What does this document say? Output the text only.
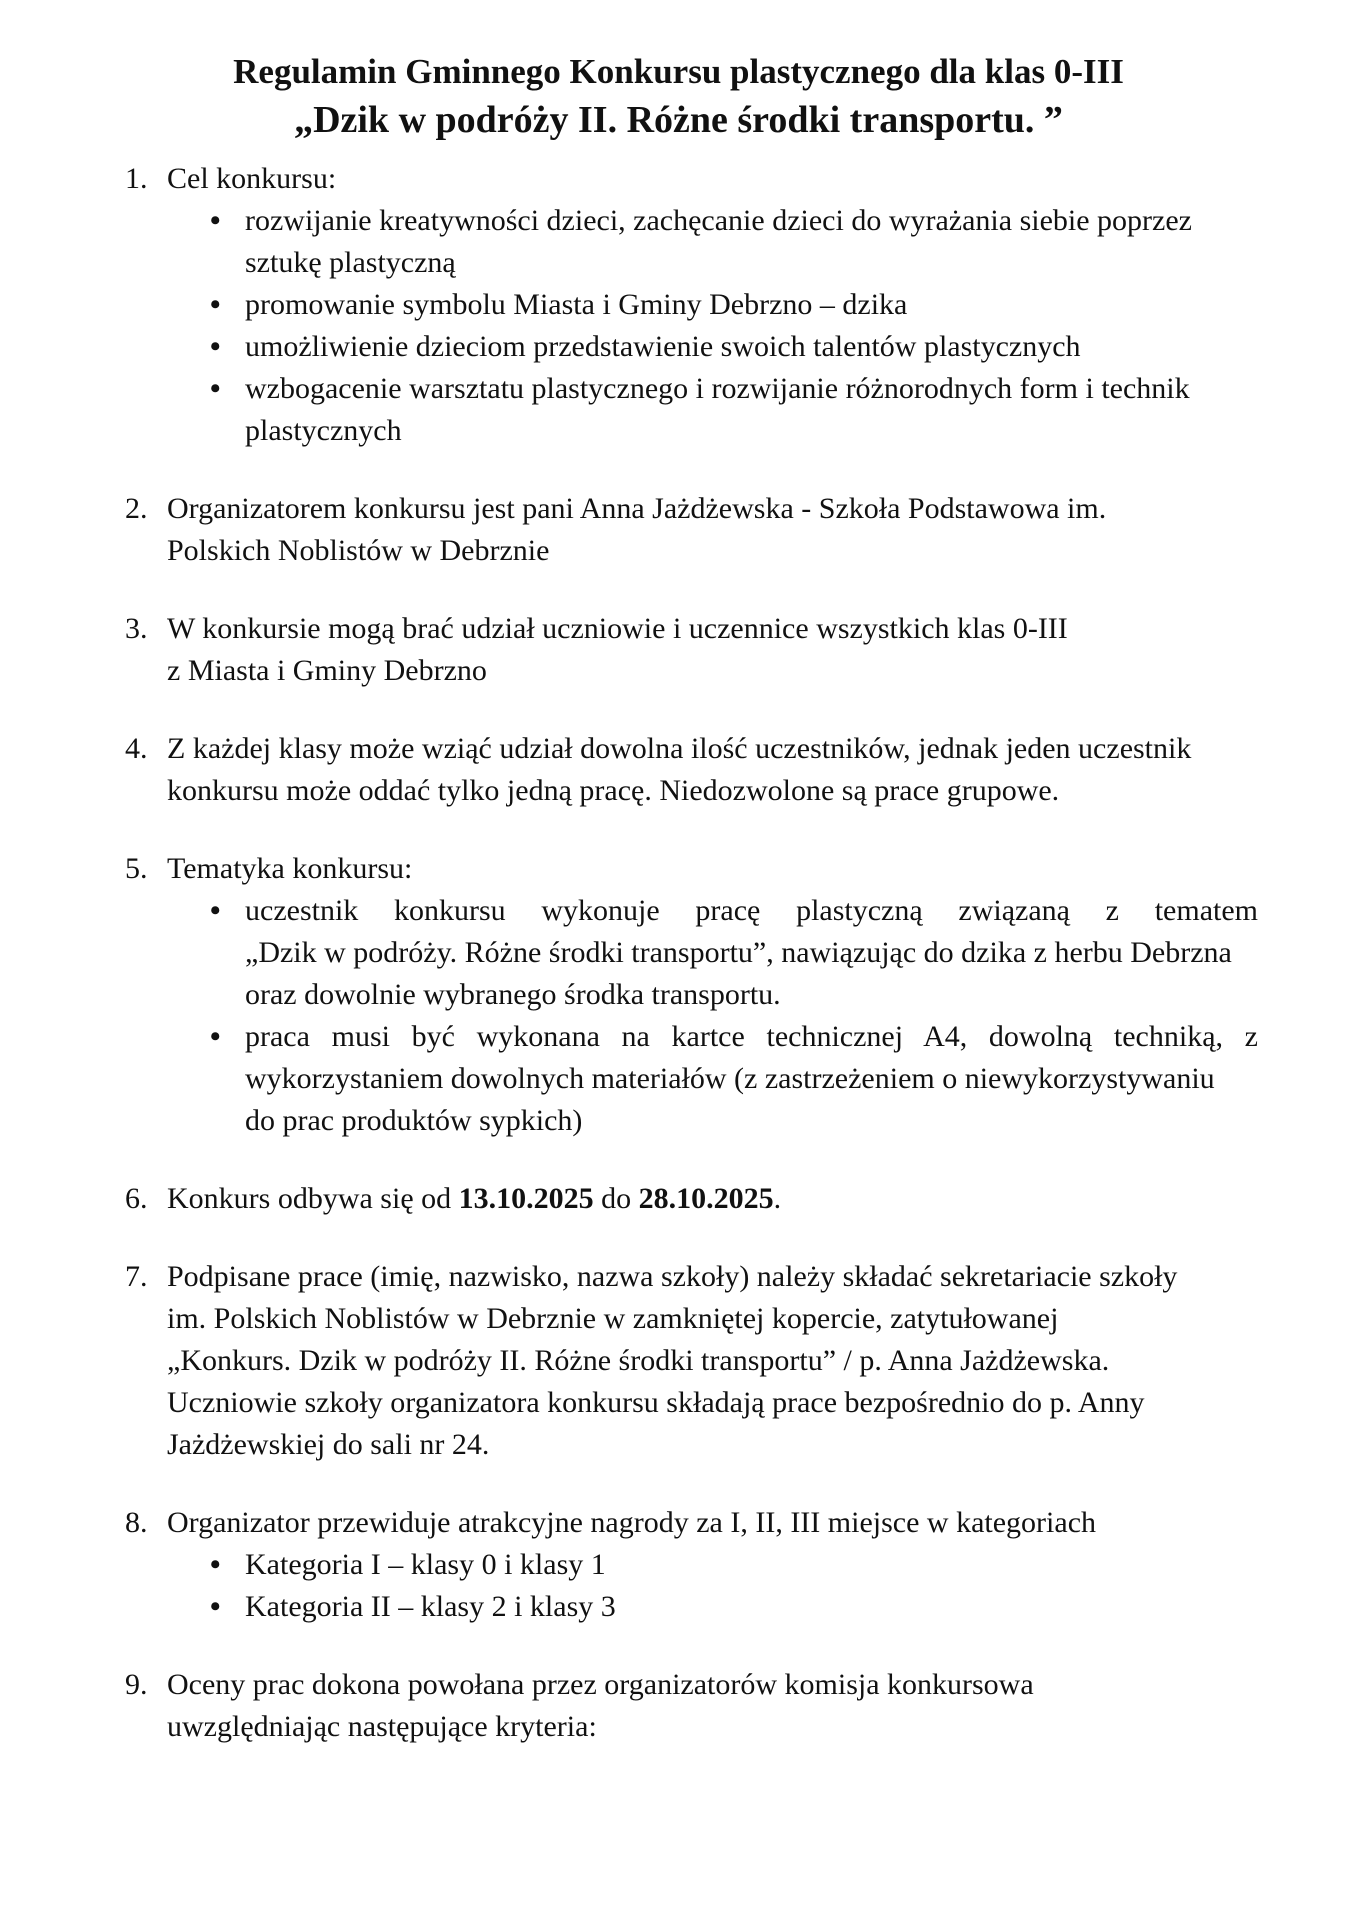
Regulamin Gminnego Konkursu plastycznego dla klas 0-III
„Dzik w podróży II. Różne środki transportu. ”
1. Cel konkursu:
• rozwijanie kreatywności dzieci, zachęcanie dzieci do wyrażania siebie poprzez
sztukę plastyczną
• promowanie symbolu Miasta i Gminy Debrzno – dzika
• umożliwienie dzieciom przedstawienie swoich talentów plastycznych
• wzbogacenie warsztatu plastycznego i rozwijanie różnorodnych form i technik
plastycznych
2. Organizatorem konkursu jest pani Anna Jażdżewska - Szkoła Podstawowa im.
Polskich Noblistów w Debrznie
3. W konkursie mogą brać udział uczniowie i uczennice wszystkich klas 0-III
z Miasta i Gminy Debrzno
4. Z każdej klasy może wziąć udział dowolna ilość uczestników, jednak jeden uczestnik
konkursu może oddać tylko jedną pracę. Niedozwolone są prace grupowe.
5. Tematyka konkursu:
• uczestnik konkursu wykonuje pracę plastyczną związaną z tematem
„Dzik w podróży. Różne środki transportu”, nawiązując do dzika z herbu Debrzna
oraz dowolnie wybranego środka transportu.
• praca musi być wykonana na kartce technicznej A4, dowolną techniką, z
wykorzystaniem dowolnych materiałów (z zastrzeżeniem o niewykorzystywaniu
do prac produktów sypkich)
6. Konkurs odbywa się od 13.10.2025 do 28.10.2025.
7. Podpisane prace (imię, nazwisko, nazwa szkoły) należy składać sekretariacie szkoły
im. Polskich Noblistów w Debrznie w zamkniętej kopercie, zatytułowanej
„Konkurs. Dzik w podróży II. Różne środki transportu” / p. Anna Jażdżewska.
Uczniowie szkoły organizatora konkursu składają prace bezpośrednio do p. Anny
Jażdżewskiej do sali nr 24.
8. Organizator przewiduje atrakcyjne nagrody za I, II, III miejsce w kategoriach
• Kategoria I – klasy 0 i klasy 1
• Kategoria II – klasy 2 i klasy 3
9. Oceny prac dokona powołana przez organizatorów komisja konkursowa
uwzględniając następujące kryteria:
